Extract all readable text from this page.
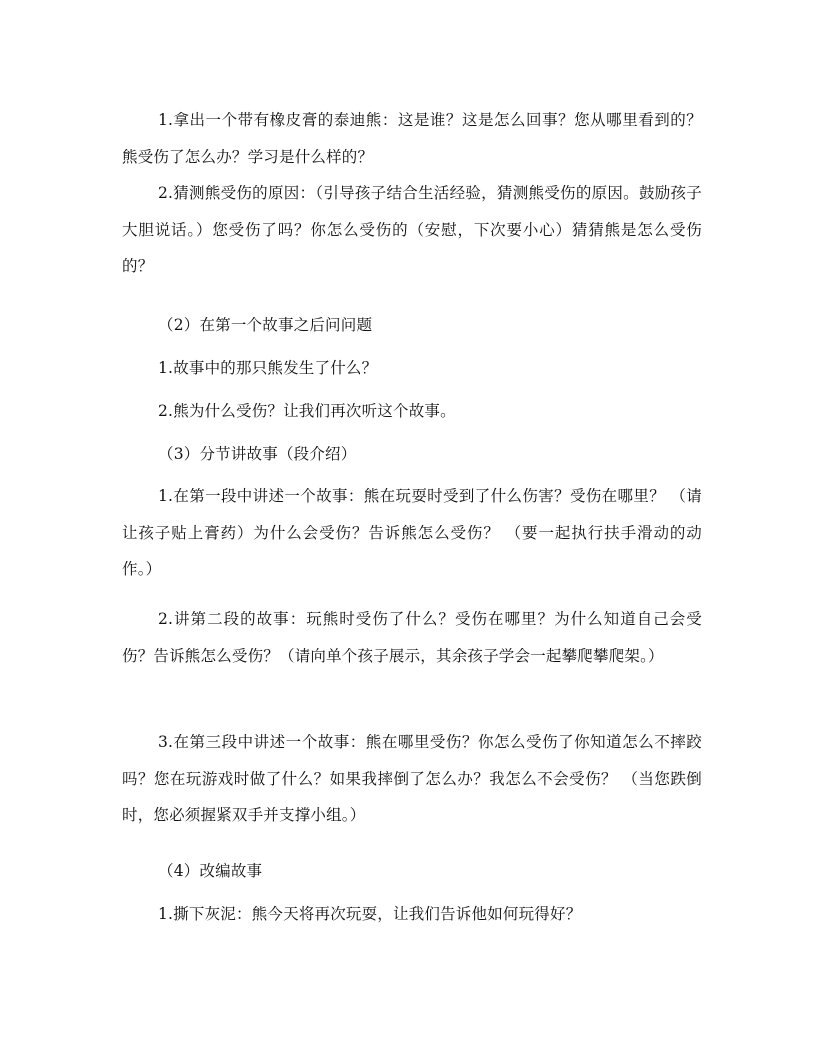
1.拿出一个带有橡皮膏的泰迪熊：这是谁？这是怎么回事？您从哪里看到的？熊受伤了怎么办？学习是什么样的？

2.猜测熊受伤的原因：（引导孩子结合生活经验，猜测熊受伤的原因。鼓励孩子大胆说话。）您受伤了吗？你怎么受伤的（安慰，下次要小心）猜猜熊是怎么受伤的？

（2）在第一个故事之后问问题

1.故事中的那只熊发生了什么？

2.熊为什么受伤？让我们再次听这个故事。

（3）分节讲故事（段介绍）

1.在第一段中讲述一个故事：熊在玩耍时受到了什么伤害？受伤在哪里？ （请让孩子贴上膏药）为什么会受伤？告诉熊怎么受伤？ （要一起执行扶手滑动的动作。）

2.讲第二段的故事：玩熊时受伤了什么？受伤在哪里？为什么知道自己会受伤？告诉熊怎么受伤？（请向单个孩子展示，其余孩子学会一起攀爬攀爬架。）

3.在第三段中讲述一个故事：熊在哪里受伤？你怎么受伤了你知道怎么不摔跤吗？您在玩游戏时做了什么？如果我摔倒了怎么办？我怎么不会受伤？ （当您跌倒时，您必须握紧双手并支撑小组。）

（4）改编故事

1.撕下灰泥：熊今天将再次玩耍，让我们告诉他如何玩得好？
